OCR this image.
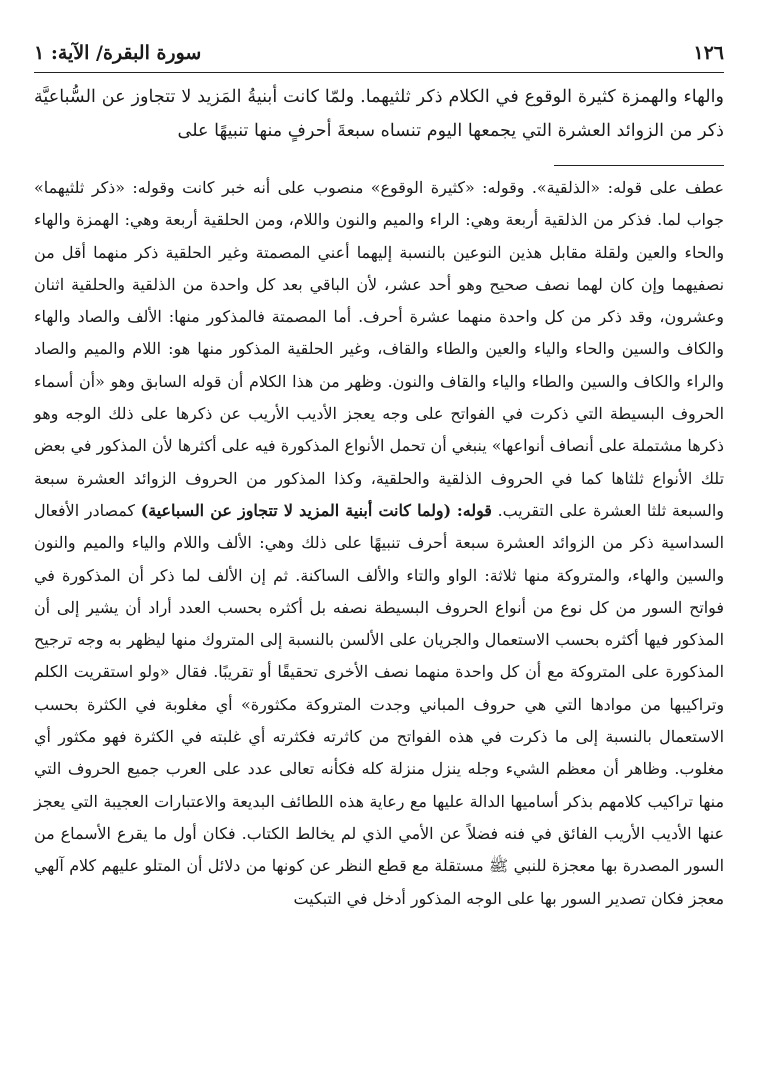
١٢٦
سورة البقرة/ الآية: ١

والهاء والهمزة كثيرة الوقوع في الكلام ذكر ثلثيهما. ولمّا كانت أبنيةُ المَزيد لا تتجاوز عن السُّباعيَّة ذكر من الزوائد العشرة التي يجمعها اليوم تنساه سبعةَ أحرفٍ منها تنبيهًا على

عطف على قوله: «الذلقية». وقوله: «كثيرة الوقوع» منصوب على أنه خبر كانت وقوله: «ذكر ثلثيهما» جواب لما. فذكر من الذلقية أربعة وهي: الراء والميم والنون واللام، ومن الحلقية أربعة وهي: الهمزة والهاء والحاء والعين ولقلة مقابل هذين النوعين بالنسبة إليهما أعني المصمتة وغير الحلقية ذكر منهما أقل من نصفيهما وإن كان لهما نصف صحيح وهو أحد عشر، لأن الباقي بعد كل واحدة من الذلقية والحلقية اثنان وعشرون، وقد ذكر من كل واحدة منهما عشرة أحرف. أما المصمتة فالمذكور منها: الألف والصاد والهاء والكاف والسين والحاء والياء والعين والطاء والقاف، وغير الحلقية المذكور منها هو: اللام والميم والصاد والراء والكاف والسين والطاء والياء والقاف والنون. وظهر من هذا الكلام أن قوله السابق وهو «أن أسماء الحروف البسيطة التي ذكرت في الفواتح على وجه يعجز الأديب الأريب عن ذكرها على ذلك الوجه وهو ذكرها مشتملة على أنصاف أنواعها» ينبغي أن تحمل الأنواع المذكورة فيه على أكثرها لأن المذكور في بعض تلك الأنواع ثلثاها كما في الحروف الذلقية والحلقية، وكذا المذكور من الحروف الزوائد العشرة سبعة والسبعة ثلثا العشرة على التقريب. قوله: (ولما كانت أبنية المزيد لا تتجاوز عن السباعية) كمصادر الأفعال السداسية ذكر من الزوائد العشرة سبعة أحرف تنبيهًا على ذلك وهي: الألف واللام والياء والميم والنون والسين والهاء، والمتروكة منها ثلاثة: الواو والتاء والألف الساكنة. ثم إن الألف لما ذكر أن المذكورة في فواتح السور من كل نوع من أنواع الحروف البسيطة نصفه بل أكثره بحسب العدد أراد أن يشير إلى أن المذكور فيها أكثره بحسب الاستعمال والجريان على الألسن بالنسبة إلى المتروك منها ليظهر به وجه ترجيح المذكورة على المتروكة مع أن كل واحدة منهما نصف الأخرى تحقيقًا أو تقريبًا. فقال «ولو استقريت الكلم وتراكيبها من موادها التي هي حروف المباني وجدت المتروكة مكثورة» أي مغلوبة في الكثرة بحسب الاستعمال بالنسبة إلى ما ذكرت في هذه الفواتح من كاثرته فكثرته أي غلبته في الكثرة فهو مكثور أي مغلوب. وظاهر أن معظم الشيء وجله ينزل منزلة كله فكأنه تعالى عدد على العرب جميع الحروف التي منها تراكيب كلامهم بذكر أساميها الدالة عليها مع رعاية هذه اللطائف البديعة والاعتبارات العجيبة التي يعجز عنها الأديب الأريب الفائق في فنه فضلاً عن الأمي الذي لم يخالط الكتاب. فكان أول ما يقرع الأسماع من السور المصدرة بها معجزة للنبي ﷺ مستقلة مع قطع النظر عن كونها من دلائل أن المتلو عليهم كلام آلهي معجز فكان تصدير السور بها على الوجه المذكور أدخل في التبكيت
